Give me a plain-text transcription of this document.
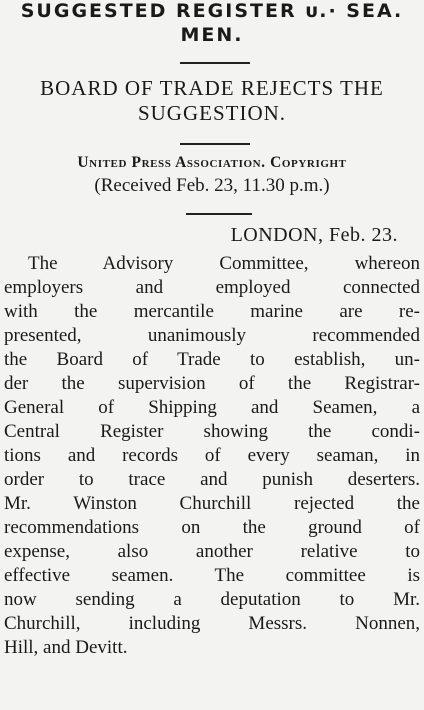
SUGGESTED REGISTER ᴜ.· SEA.
MEN.
BOARD OF TRADE REJECTS THE
SUGGESTION.
United Press Association. Copyright
(Received Feb. 23, 11.30 p.m.)
LONDON, Feb. 23.
The Advisory Committee, whereon
employers and employed connected
with the mercantile marine are re-
presented, unanimously recommended
the Board of Trade to establish, un-
der the supervision of the Registrar-
General of Shipping and Seamen, a
Central Register showing the condi-
tions and records of every seaman, in
order to trace and punish deserters.
Mr. Winston Churchill rejected the
recommendations on the ground of
expense, also another relative to
effective seamen. The committee is
now sending a deputation to Mr.
Churchill, including Messrs. Nonnen,
Hill, and Devitt.
